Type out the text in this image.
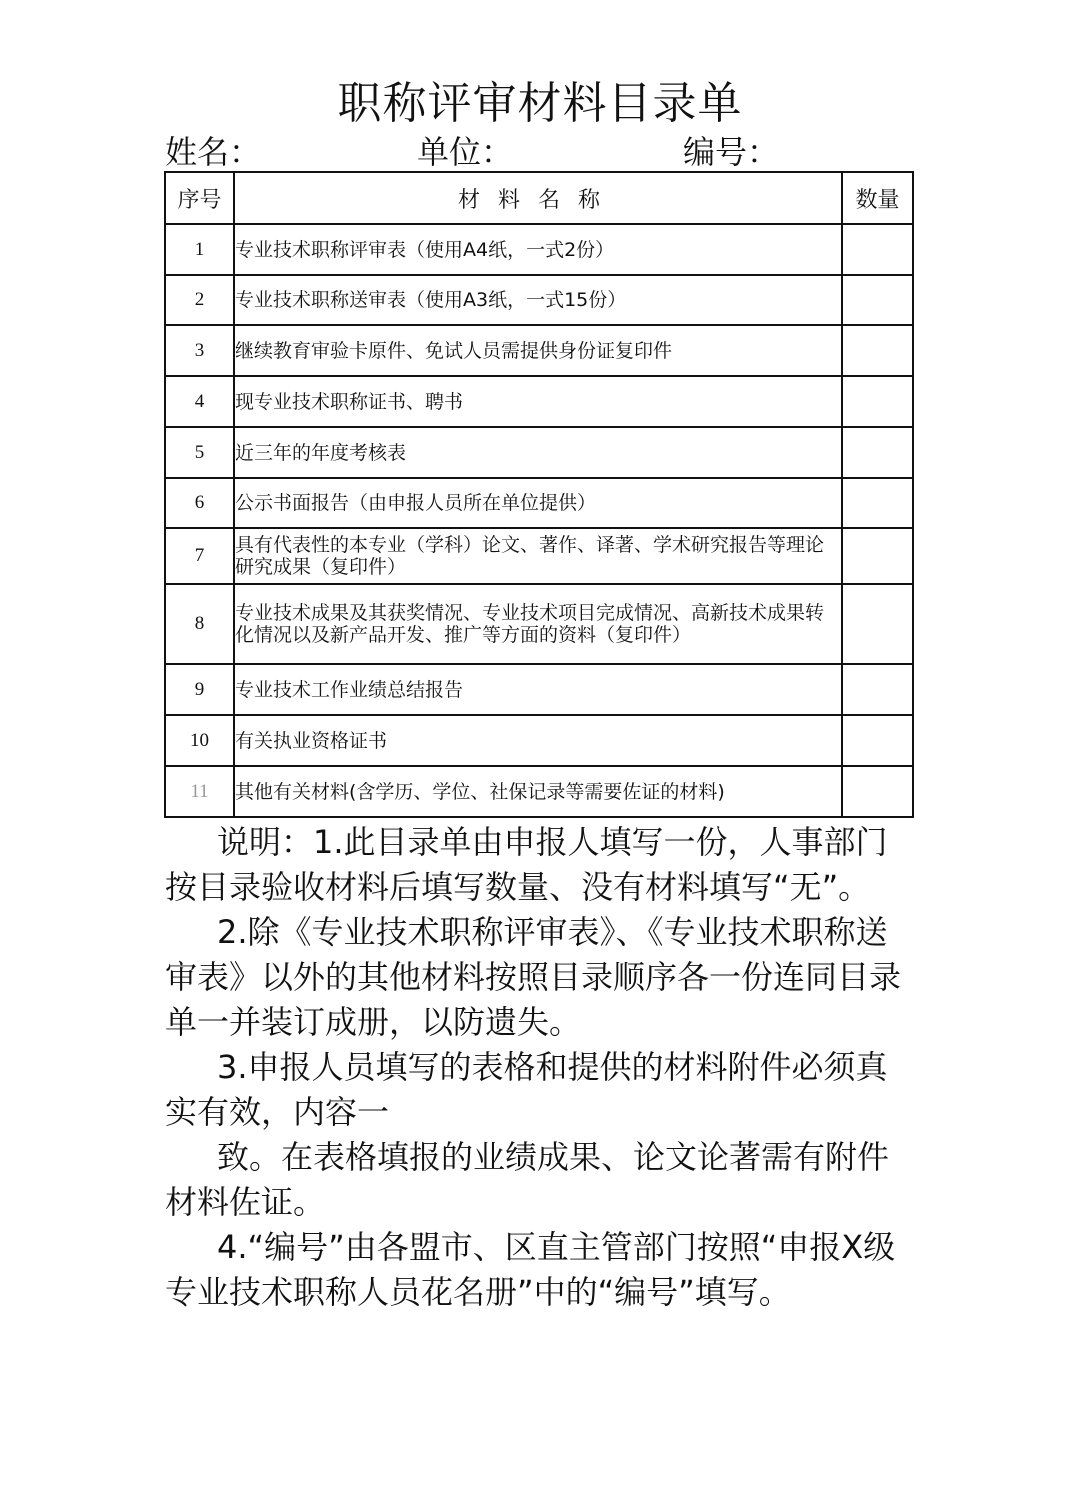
职称评审材料目录单
姓名：	单位：	编号：
序号	材料名称	数量
1	专业技术职称评审表（使用A4纸，一式2份）	
2	专业技术职称送审表（使用A3纸，一式15份）	
3	继续教育审验卡原件、免试人员需提供身份证复印件	
4	现专业技术职称证书、聘书	
5	近三年的年度考核表	
6	公示书面报告（由申报人员所在单位提供）	
7	具有代表性的本专业（学科）论文、著作、译著、学术研究报告等理论研究成果（复印件）	
8	专业技术成果及其获奖情况、专业技术项目完成情况、高新技术成果转化情况以及新产品开发、推广等方面的资料（复印件）	
9	专业技术工作业绩总结报告	
10	有关执业资格证书	
11	其他有关材料(含学历、学位、社保记录等需要佐证的材料)	

说明：1.此目录单由申报人填写一份，人事部门按目录验收材料后填写数量、没有材料填写“无”。

2.除《专业技术职称评审表》、《专业技术职称送审表》以外的其他材料按照目录顺序各一份连同目录单一并装订成册，以防遗失。

3.申报人员填写的表格和提供的材料附件必须真实有效，内容一

致。在表格填报的业绩成果、论文论著需有附件材料佐证。

4.“编号”由各盟市、区直主管部门按照“申报X级专业技术职称人员花名册”中的“编号”填写。
